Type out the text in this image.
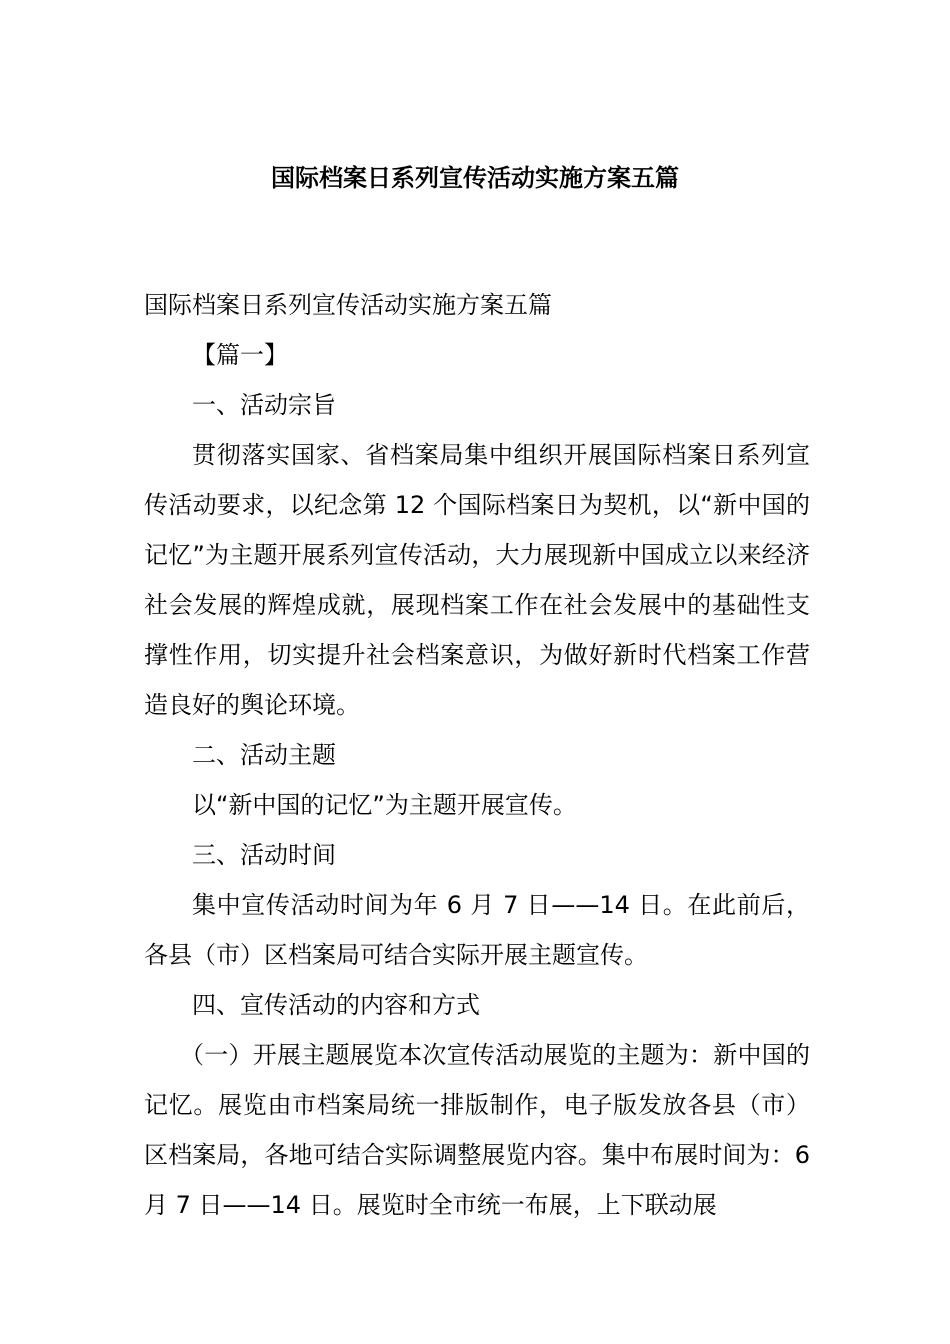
国际档案日系列宣传活动实施方案五篇

国际档案日系列宣传活动实施方案五篇

【篇一】

一、活动宗旨

贯彻落实国家、省档案局集中组织开展国际档案日系列宣传活动要求，以纪念第 12 个国际档案日为契机，以“新中国的记忆”为主题开展系列宣传活动，大力展现新中国成立以来经济社会发展的辉煌成就，展现档案工作在社会发展中的基础性支撑性作用，切实提升社会档案意识，为做好新时代档案工作营造良好的舆论环境。

二、活动主题

以“新中国的记忆”为主题开展宣传。

三、活动时间

集中宣传活动时间为年 6 月 7 日——14 日。在此前后，各县（市）区档案局可结合实际开展主题宣传。

四、宣传活动的内容和方式

（一）开展主题展览本次宣传活动展览的主题为：新中国的记忆。展览由市档案局统一排版制作，电子版发放各县（市）区档案局，各地可结合实际调整展览内容。集中布展时间为：6 月 7 日——14 日。展览时全市统一布展，上下联动展
